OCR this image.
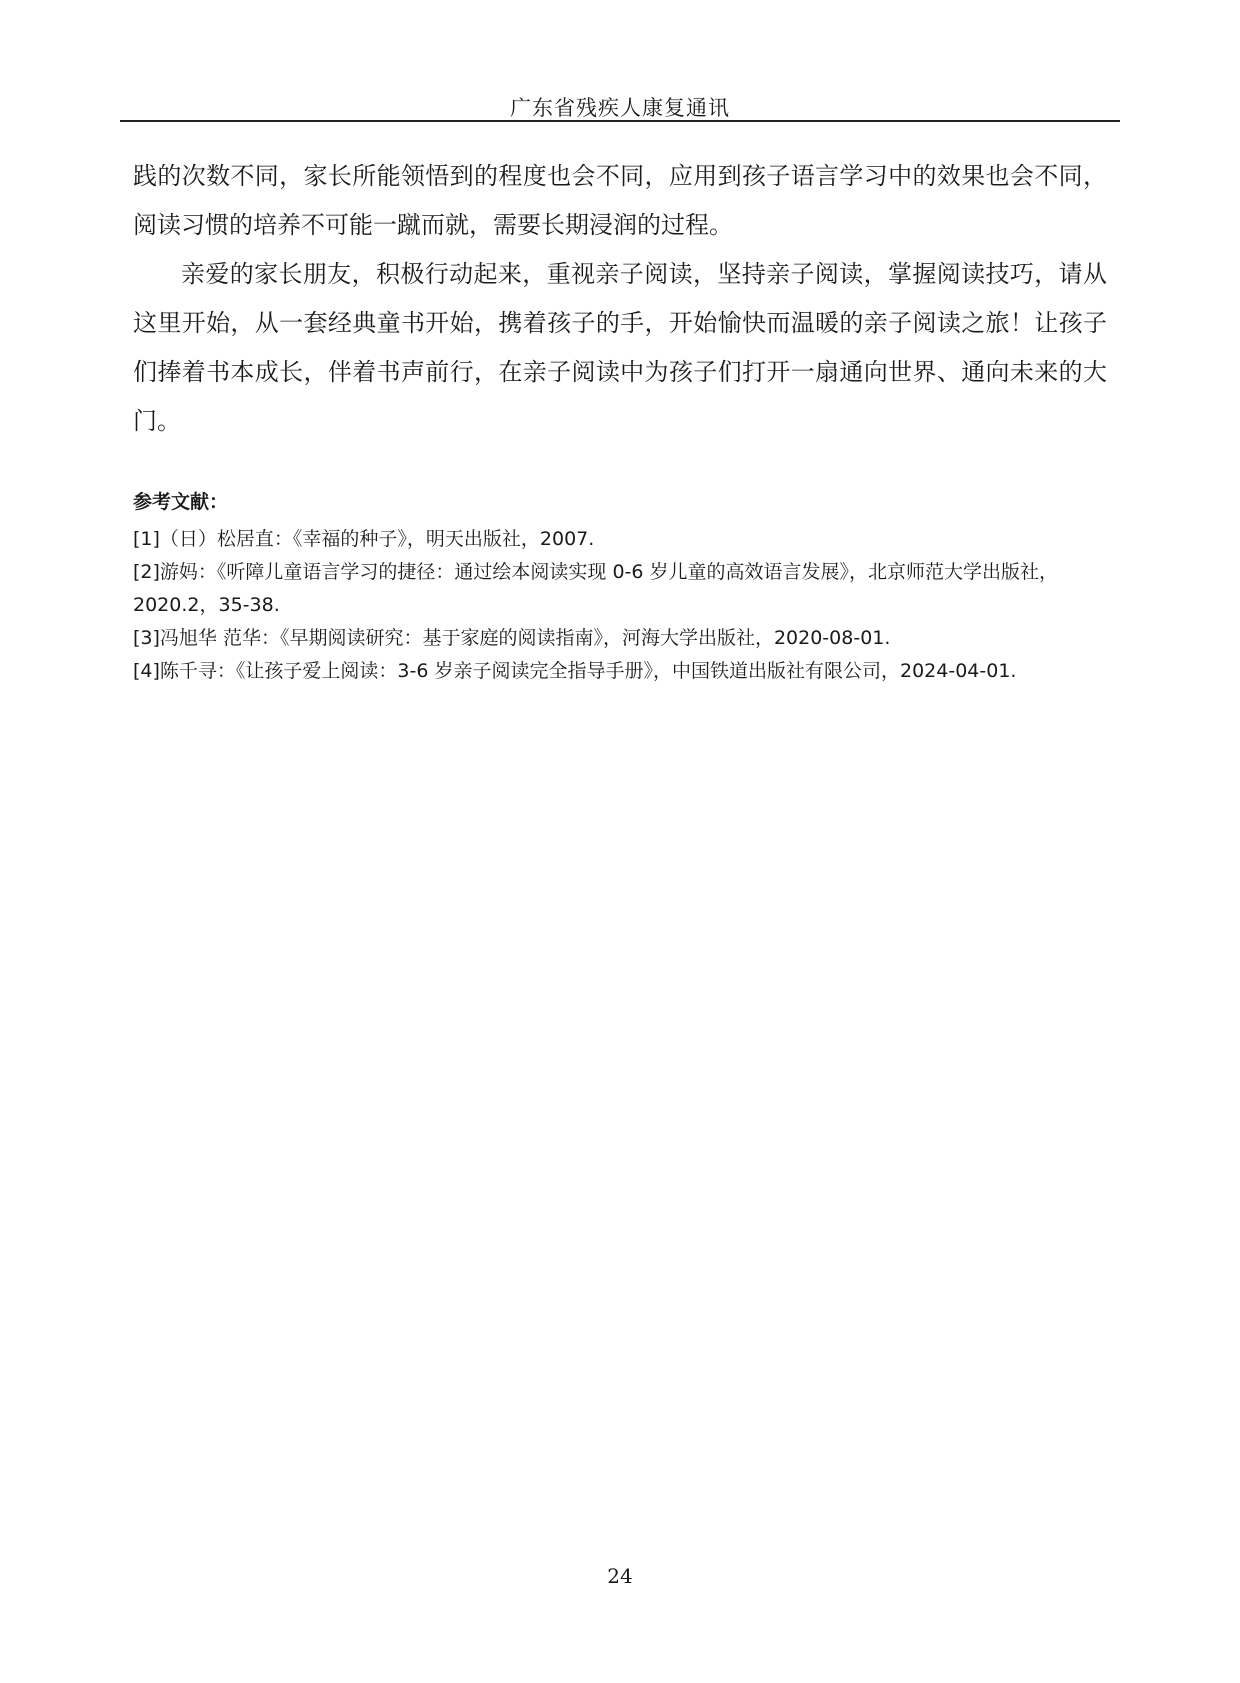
广东省残疾人康复通讯

践的次数不同，家长所能领悟到的程度也会不同，应用到孩子语言学习中的效果也会不同，阅读习惯的培养不可能一蹴而就，需要长期浸润的过程。

亲爱的家长朋友，积极行动起来，重视亲子阅读，坚持亲子阅读，掌握阅读技巧，请从这里开始，从一套经典童书开始，携着孩子的手，开始愉快而温暖的亲子阅读之旅！让孩子们捧着书本成长，伴着书声前行，在亲子阅读中为孩子们打开一扇通向世界、通向未来的大门。

参考文献：
[1]（日）松居直：《幸福的种子》，明天出版社，2007.
[2]游妈：《听障儿童语言学习的捷径：通过绘本阅读实现 0-6 岁儿童的高效语言发展》，北京师范大学出版社，2020.2，35-38.
[3]冯旭华 范华：《早期阅读研究：基于家庭的阅读指南》，河海大学出版社，2020-08-01.
[4]陈千寻：《让孩子爱上阅读：3-6 岁亲子阅读完全指导手册》，中国铁道出版社有限公司，2024-04-01.
24
